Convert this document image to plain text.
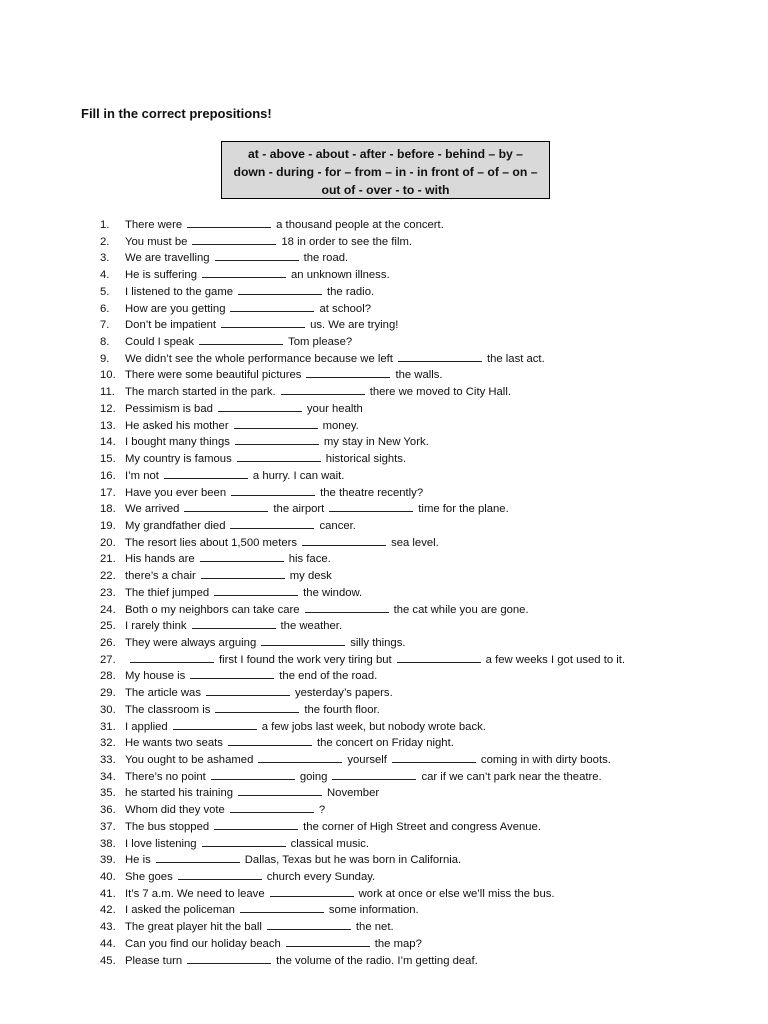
Fill in the correct prepositions!
at - above - about - after - before - behind – by –
down - during - for – from – in - in front of – of – on –
out of - over - to - with
1.	There were	a thousand people at the concert.
2.	You must be	18 in order to see the film.
3.	We are travelling	the road.
4.	He is suffering	an unknown illness.
5.	I listened to the game	the radio.
6.	How are you getting	at school?
7.	Don’t be impatient	us. We are trying!
8.	Could I speak	Tom please?
9.	We didn’t see the whole performance because we left	the last act.
10. There were some beautiful pictures	the walls.
11. The march started in the park.	there we moved to City Hall.
12. Pessimism is bad	your health
13. He asked his mother	money.
14. I bought many things	my stay in New York.
15. My country is famous	historical sights.
16. I’m not	a hurry. I can wait.
17. Have you ever been	the theatre recently?
18. We arrived	the airport	time for the plane.
19. My grandfather died	cancer.
20. The resort lies about 1,500 meters	sea level.
21. His hands are	his face.
22. there’s a chair	my desk
23. The thief jumped	the window.
24. Both o my neighbors can take care	the cat while you are gone.
25. I rarely think	the weather.
26. They were always arguing	silly things.
27.	first I found the work very tiring but	a few weeks I got used to it.
28. My house is	the end of the road.
29. The article was	yesterday’s papers.
30. The classroom is	the fourth floor.
31. I applied	a few jobs last week, but nobody wrote back.
32. He wants two seats	the concert on Friday night.
33. You ought to be ashamed	yourself	coming in with dirty boots.
34. There’s no point	going	car if we can’t park near the theatre.
35. he started his training	November
36. Whom did they vote	?
37. The bus stopped	the corner of High Street and congress Avenue.
38. I love listening	classical music.
39. He is	Dallas, Texas but he was born in California.
40. She goes	church every Sunday.
41. It’s 7 a.m. We need to leave	work at once or else we’ll miss the bus.
42. I asked the policeman	some information.
43. The great player hit the ball	the net.
44. Can you find our holiday beach	the map?
45. Please turn	the volume of the radio. I’m getting deaf.
